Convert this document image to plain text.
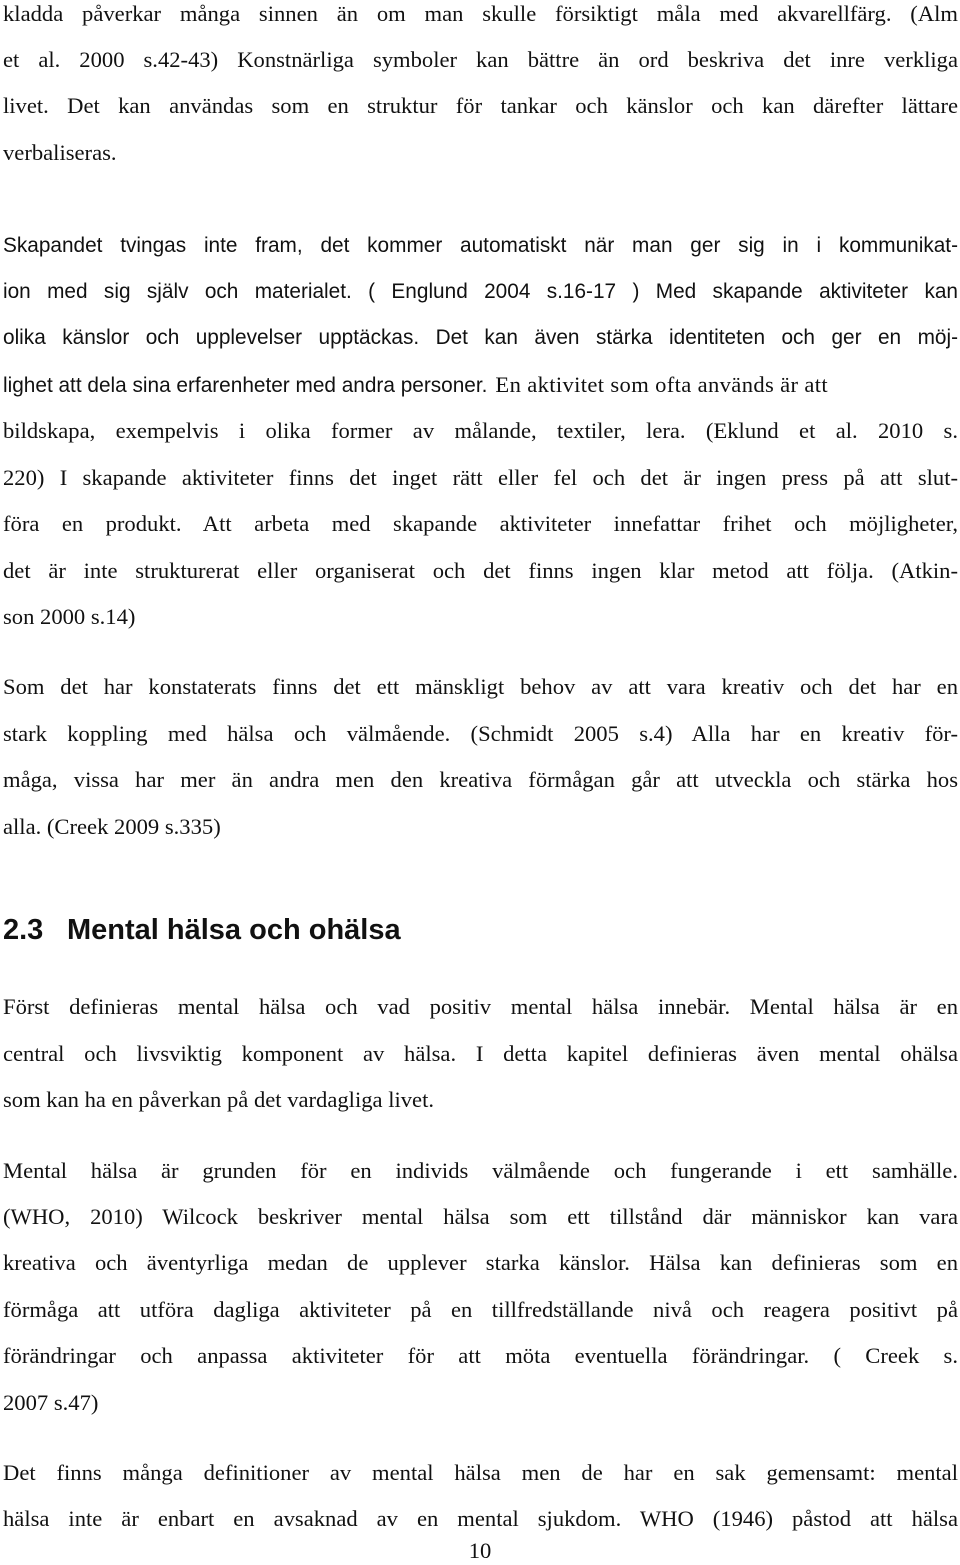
kladda påverkar många sinnen än om man skulle försiktigt måla med akvarellfärg. (Alm
et al. 2000 s.42-43) Konstnärliga symboler kan bättre än ord beskriva det inre verkliga
livet. Det kan användas som en struktur för tankar och känslor och kan därefter lättare
verbaliseras.
Skapandet tvingas inte fram, det kommer automatiskt när man ger sig in i kommunikat-
ion med sig själv och materialet. ( Englund 2004 s.16-17 ) Med skapande aktiviteter kan
olika känslor och upplevelser upptäckas. Det kan även stärka identiteten och ger en möj-
lighet att dela sina erfarenheter med andra personer. En aktivitet som ofta används är att
bildskapa, exempelvis i olika former av målande, textiler, lera. (Eklund et al. 2010 s.
220) I skapande aktiviteter finns det inget rätt eller fel och det är ingen press på att slut-
föra en produkt. Att arbeta med skapande aktiviteter innefattar frihet och möjligheter,
det är inte strukturerat eller organiserat och det finns ingen klar metod att följa. (Atkin-
son 2000 s.14)
Som det har konstaterats finns det ett mänskligt behov av att vara kreativ och det har en
stark koppling med hälsa och välmående. (Schmidt 2005 s.4) Alla har en kreativ för-
måga, vissa har mer än andra men den kreativa förmågan går att utveckla och stärka hos
alla. (Creek 2009 s.335)
2.3 Mental hälsa och ohälsa
Först definieras mental hälsa och vad positiv mental hälsa innebär. Mental hälsa är en
central och livsviktig komponent av hälsa. I detta kapitel definieras även mental ohälsa
som kan ha en påverkan på det vardagliga livet.
Mental hälsa är grunden för en individs välmående och fungerande i ett samhälle.
(WHO, 2010) Wilcock beskriver mental hälsa som ett tillstånd där människor kan vara
kreativa och äventyrliga medan de upplever starka känslor. Hälsa kan definieras som en
förmåga att utföra dagliga aktiviteter på en tillfredställande nivå och reagera positivt på
förändringar och anpassa aktiviteter för att möta eventuella förändringar. ( Creek s.
2007 s.47)
Det finns många definitioner av mental hälsa men de har en sak gemensamt: mental
hälsa inte är enbart en avsaknad av en mental sjukdom. WHO (1946) påstod att hälsa
10
